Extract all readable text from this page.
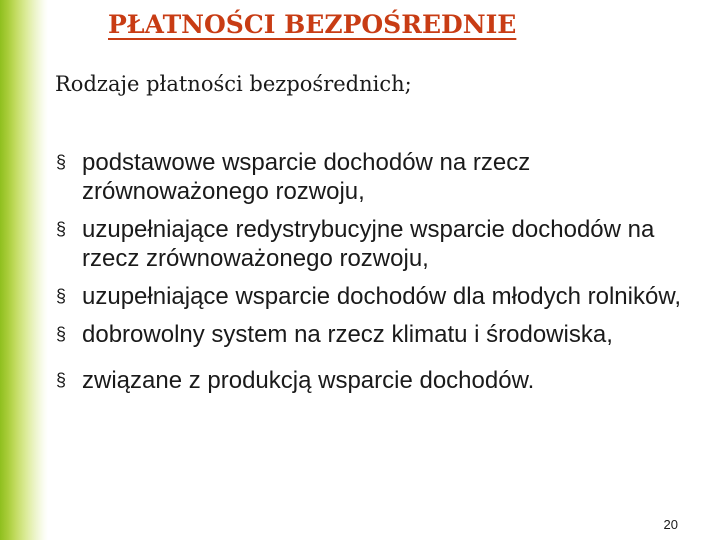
PŁATNOŚCI BEZPOŚREDNIE
Rodzaje płatności bezpośrednich;
§ podstawowe wsparcie dochodów na rzecz zrównoważonego rozwoju,
§ uzupełniające redystrybucyjne wsparcie dochodów na rzecz zrównoważonego rozwoju,
§ uzupełniające wsparcie dochodów dla młodych rolników,
§ dobrowolny system na rzecz klimatu i środowiska,
§ związane z produkcją wsparcie dochodów.
20
